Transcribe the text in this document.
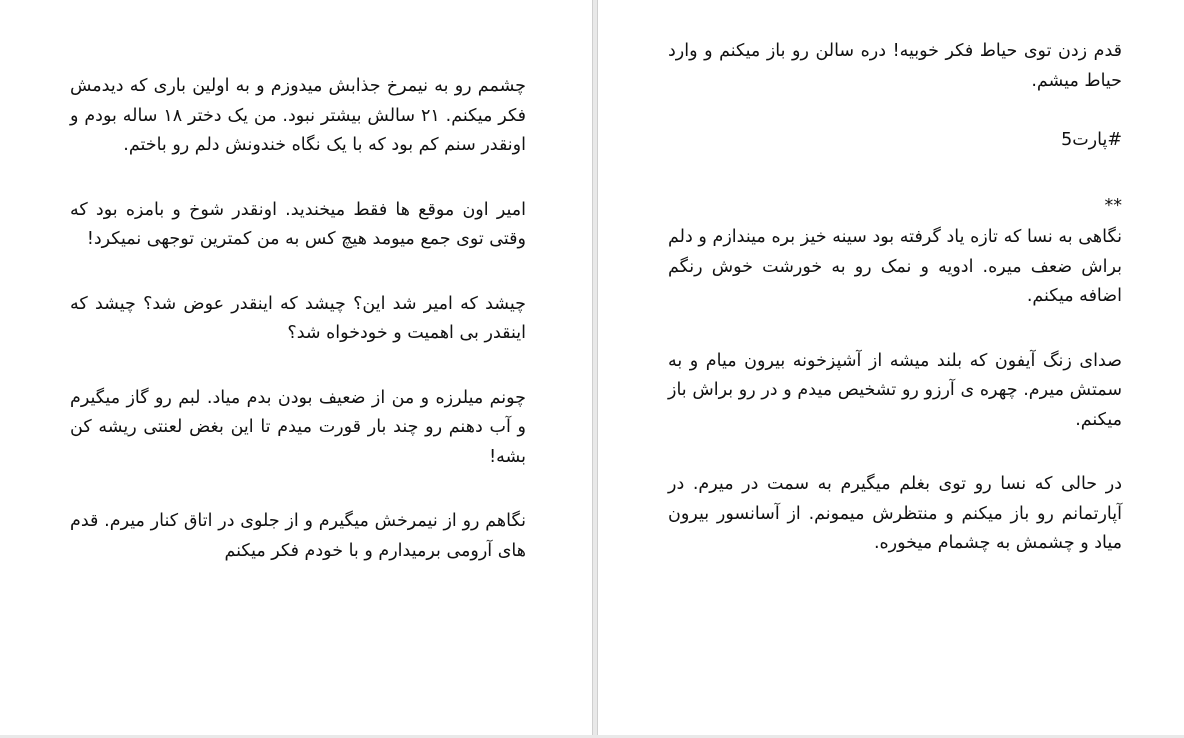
چشمم رو به نیمرخ جذابش میدوزم و به اولین باری که دیدمش فکر میکنم. ۲۱ سالش بیشتر نبود. من یک دختر ۱۸ ساله بودم و اونقدر سنم کم بود که با یک نگاه خندونش دلم رو باختم.

امیر اون موقع ها فقط میخندید. اونقدر شوخ و بامزه بود که وقتی توی جمع میومد هیچ کس به من کمترین توجهی نمیکرد!

چیشد که امیر شد این؟ چیشد که اینقدر عوض شد؟ چیشد که اینقدر بی اهمیت و خودخواه شد؟

چونم میلرزه و من از ضعیف بودن بدم میاد. لبم رو گاز میگیرم و آب دهنم رو چند بار قورت میدم تا این بغض لعنتی ریشه کن بشه!

نگاهم رو از نیمرخش میگیرم و از جلوی در اتاق کنار میرم. قدم های آرومی برمیدارم و با خودم فکر میکنم

قدم زدن توی حیاط فکر خوبیه! دره سالن رو باز میکنم و وارد حیاط میشم.

#پارت5

**

نگاهی به نسا که تازه یاد گرفته بود سینه خیز بره میندازم و دلم براش ضعف میره. ادویه و نمک رو به خورشت خوش رنگم اضافه میکنم.

صدای زنگ آیفون که بلند میشه از آشپزخونه بیرون میام و به سمتش میرم. چهره ی آرزو رو تشخیص میدم و در رو براش باز میکنم.

در حالی که نسا رو توی بغلم میگیرم به سمت در میرم. در آپارتمانم رو باز میکنم و منتظرش میمونم. از آسانسور بیرون میاد و چشمش به چشمام میخوره.
